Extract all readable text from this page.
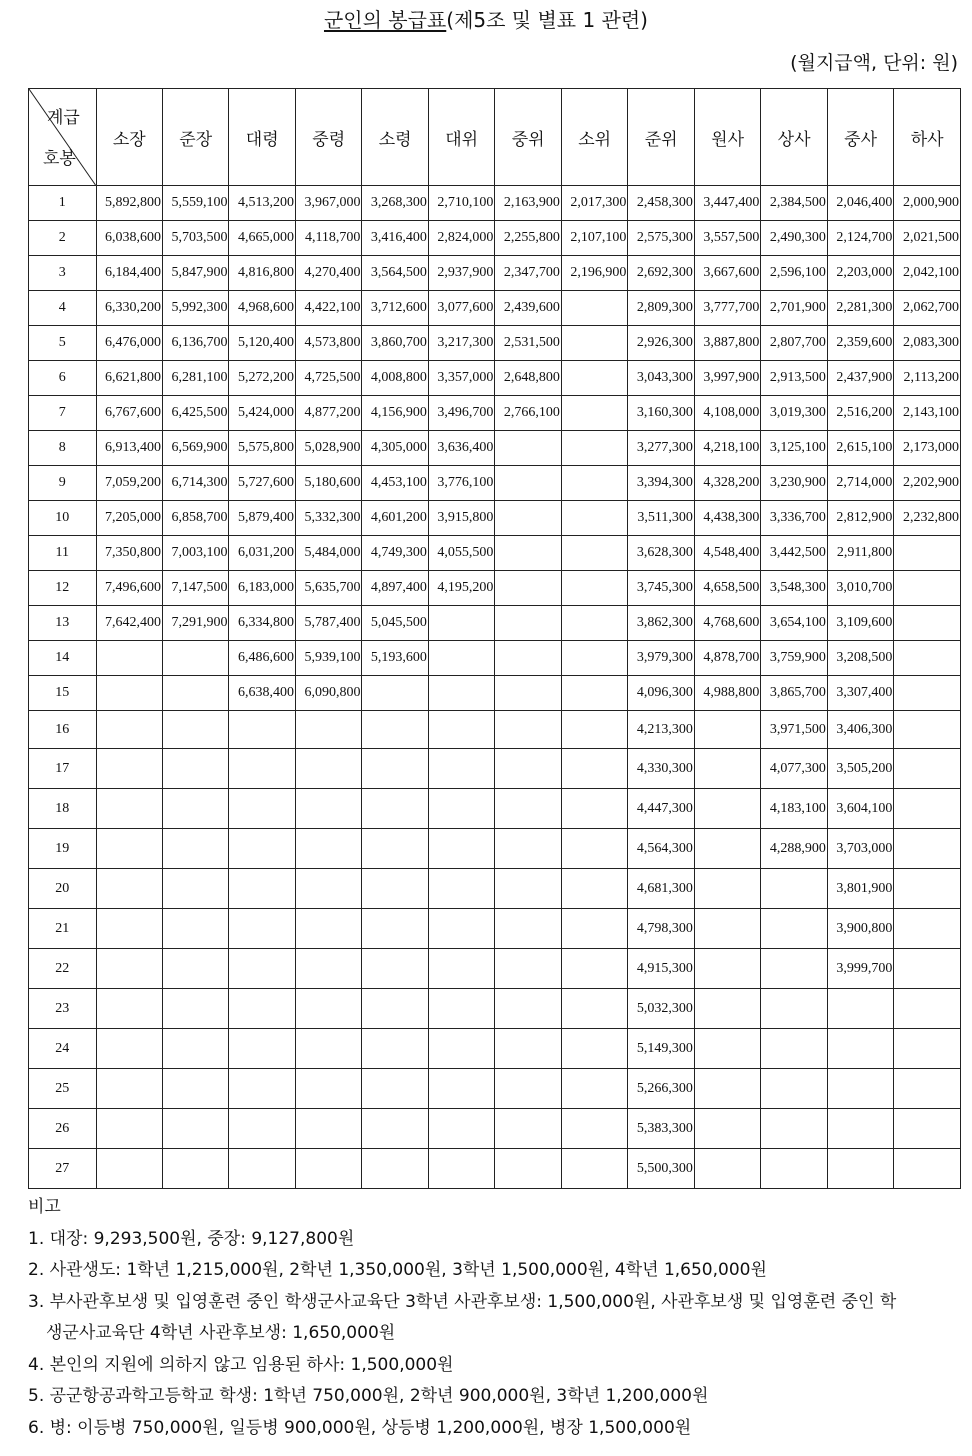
군인의 봉급표(제5조 및 별표 1 관련)
(월지급액, 단위: 원)
계급
호봉	소장	준장	대령	중령	소령	대위	중위	소위	준위	원사	상사	중사	하사
1	5,892,800	5,559,100	4,513,200	3,967,000	3,268,300	2,710,100	2,163,900	2,017,300	2,458,300	3,447,400	2,384,500	2,046,400	2,000,900
2	6,038,600	5,703,500	4,665,000	4,118,700	3,416,400	2,824,000	2,255,800	2,107,100	2,575,300	3,557,500	2,490,300	2,124,700	2,021,500
3	6,184,400	5,847,900	4,816,800	4,270,400	3,564,500	2,937,900	2,347,700	2,196,900	2,692,300	3,667,600	2,596,100	2,203,000	2,042,100
4	6,330,200	5,992,300	4,968,600	4,422,100	3,712,600	3,077,600	2,439,600		2,809,300	3,777,700	2,701,900	2,281,300	2,062,700
5	6,476,000	6,136,700	5,120,400	4,573,800	3,860,700	3,217,300	2,531,500		2,926,300	3,887,800	2,807,700	2,359,600	2,083,300
6	6,621,800	6,281,100	5,272,200	4,725,500	4,008,800	3,357,000	2,648,800		3,043,300	3,997,900	2,913,500	2,437,900	2,113,200
7	6,767,600	6,425,500	5,424,000	4,877,200	4,156,900	3,496,700	2,766,100		3,160,300	4,108,000	3,019,300	2,516,200	2,143,100
8	6,913,400	6,569,900	5,575,800	5,028,900	4,305,000	3,636,400			3,277,300	4,218,100	3,125,100	2,615,100	2,173,000
9	7,059,200	6,714,300	5,727,600	5,180,600	4,453,100	3,776,100			3,394,300	4,328,200	3,230,900	2,714,000	2,202,900
10	7,205,000	6,858,700	5,879,400	5,332,300	4,601,200	3,915,800			3,511,300	4,438,300	3,336,700	2,812,900	2,232,800
11	7,350,800	7,003,100	6,031,200	5,484,000	4,749,300	4,055,500			3,628,300	4,548,400	3,442,500	2,911,800	
12	7,496,600	7,147,500	6,183,000	5,635,700	4,897,400	4,195,200			3,745,300	4,658,500	3,548,300	3,010,700	
13	7,642,400	7,291,900	6,334,800	5,787,400	5,045,500				3,862,300	4,768,600	3,654,100	3,109,600	
14			6,486,600	5,939,100	5,193,600				3,979,300	4,878,700	3,759,900	3,208,500	
15			6,638,400	6,090,800					4,096,300	4,988,800	3,865,700	3,307,400	
16									4,213,300		3,971,500	3,406,300	
17									4,330,300		4,077,300	3,505,200	
18									4,447,300		4,183,100	3,604,100	
19									4,564,300		4,288,900	3,703,000	
20									4,681,300			3,801,900	
21									4,798,300			3,900,800	
22									4,915,300			3,999,700	
23									5,032,300				
24									5,149,300				
25									5,266,300				
26									5,383,300				
27									5,500,300				
비고
1. 대장: 9,293,500원, 중장: 9,127,800원
2. 사관생도: 1학년 1,215,000원, 2학년 1,350,000원, 3학년 1,500,000원, 4학년 1,650,000원
3. 부사관후보생 및 입영훈련 중인 학생군사교육단 3학년 사관후보생: 1,500,000원, 사관후보생 및 입영훈련 중인 학
생군사교육단 4학년 사관후보생: 1,650,000원
4. 본인의 지원에 의하지 않고 임용된 하사: 1,500,000원
5. 공군항공과학고등학교 학생: 1학년 750,000원, 2학년 900,000원, 3학년 1,200,000원
6. 병: 이등병 750,000원, 일등병 900,000원, 상등병 1,200,000원, 병장 1,500,000원
